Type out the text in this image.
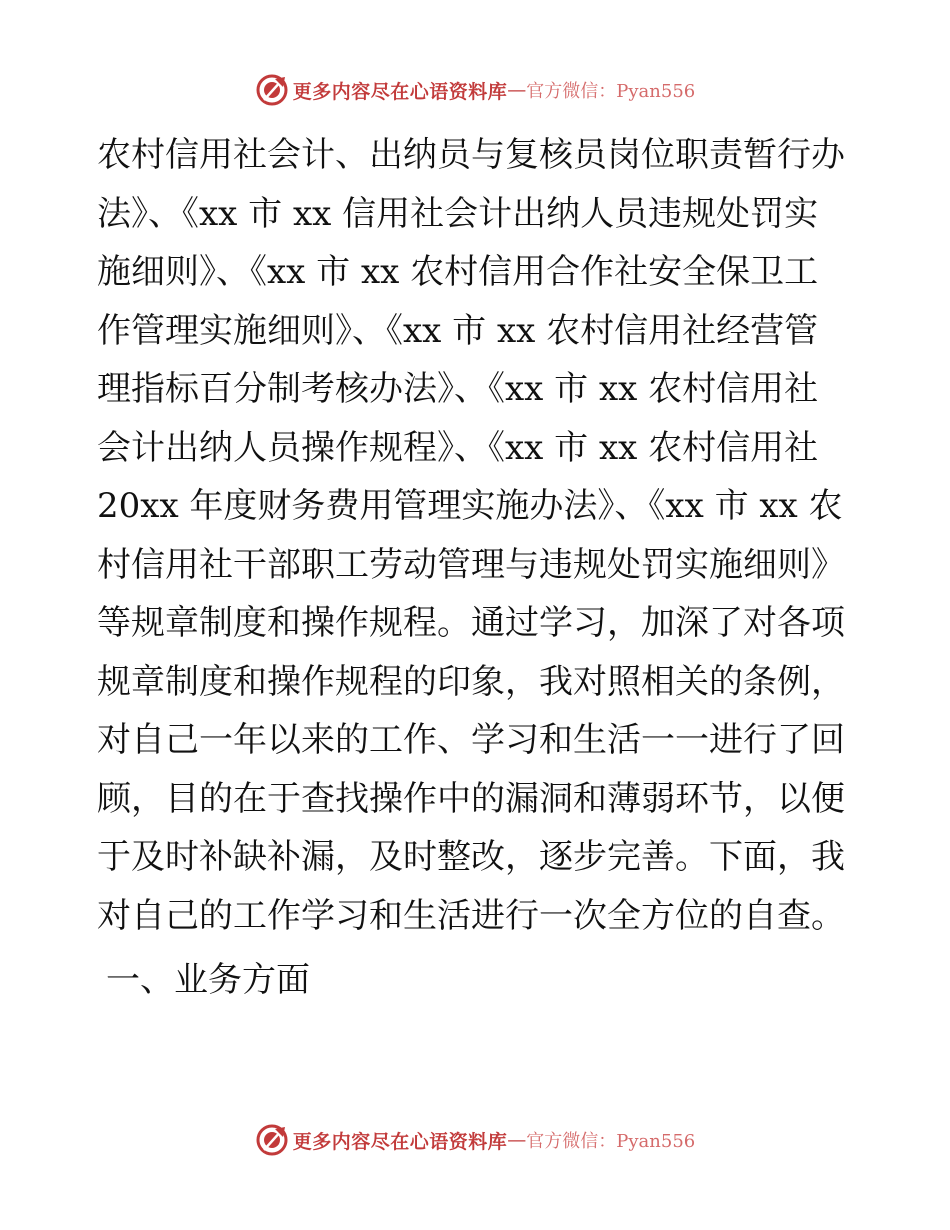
更多内容尽在心语资料库 — 官方微信：Pyan556
农村信用社会计、出纳员与复核员岗位职责暂行办
法》、《xx 市 xx 信用社会计出纳人员违规处罚实
施细则》、《xx 市 xx 农村信用合作社安全保卫工
作管理实施细则》、《xx 市 xx 农村信用社经营管
理指标百分制考核办法》、《xx 市 xx 农村信用社
会计出纳人员操作规程》、《xx 市 xx 农村信用社
20xx 年度财务费用管理实施办法》、《xx 市 xx 农
村信用社干部职工劳动管理与违规处罚实施细则》
等规章制度和操作规程。通过学习，加深了对各项
规章制度和操作规程的印象，我对照相关的条例，
对自己一年以来的工作、学习和生活一一进行了回
顾，目的在于查找操作中的漏洞和薄弱环节，以便
于及时补缺补漏，及时整改，逐步完善。下面，我
对自己的工作学习和生活进行一次全方位的自查。
一、业务方面
更多内容尽在心语资料库 — 官方微信：Pyan556
